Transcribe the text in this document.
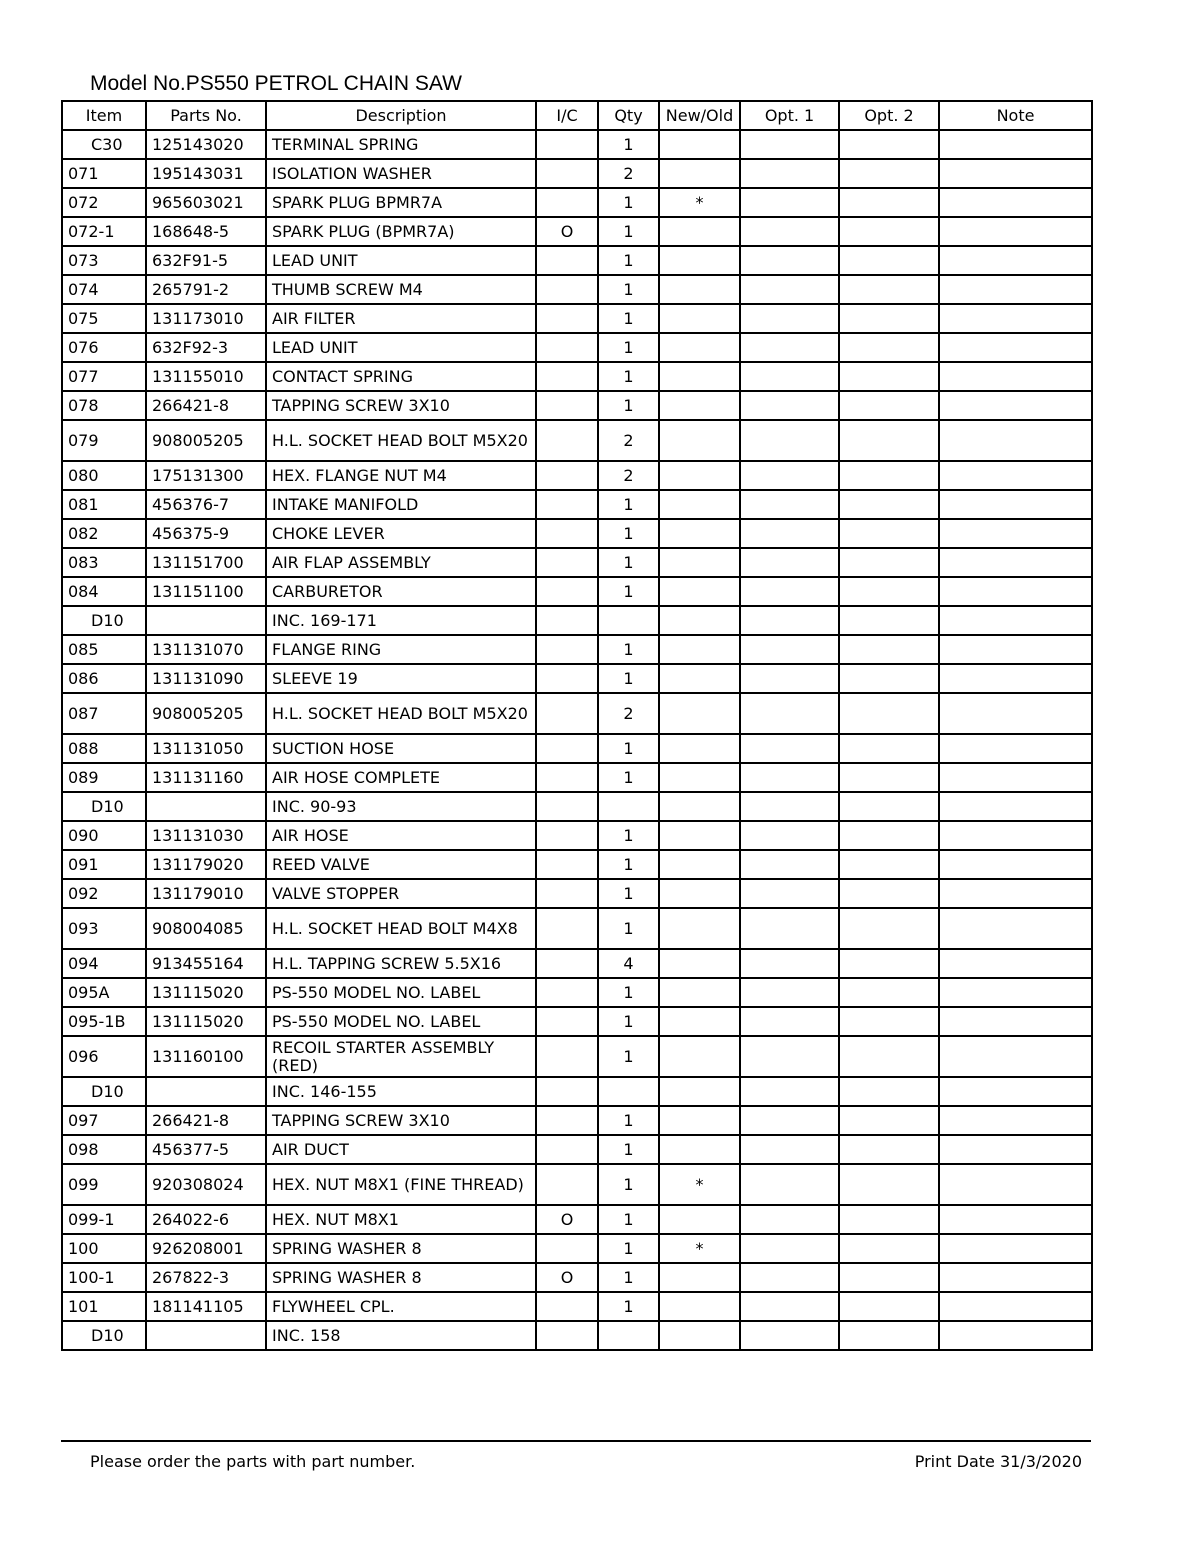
Model No.PS550 PETROL CHAIN SAW
Item	Parts No.	Description	I/C	Qty	New/Old	Opt. 1	Opt. 2	Note
C30	125143020	TERMINAL SPRING		1				
071	195143031	ISOLATION WASHER		2				
072	965603021	SPARK PLUG BPMR7A		1	*			
072-1	168648-5	SPARK PLUG (BPMR7A)	O	1				
073	632F91-5	LEAD UNIT		1				
074	265791-2	THUMB SCREW M4		1				
075	131173010	AIR FILTER		1				
076	632F92-3	LEAD UNIT		1				
077	131155010	CONTACT SPRING		1				
078	266421-8	TAPPING SCREW 3X10		1				
079	908005205	H.L. SOCKET HEAD BOLT M5X20		2				
080	175131300	HEX. FLANGE NUT M4		2				
081	456376-7	INTAKE MANIFOLD		1				
082	456375-9	CHOKE LEVER		1				
083	131151700	AIR FLAP ASSEMBLY		1				
084	131151100	CARBURETOR		1				
D10		INC. 169-171						
085	131131070	FLANGE RING		1				
086	131131090	SLEEVE 19		1				
087	908005205	H.L. SOCKET HEAD BOLT M5X20		2				
088	131131050	SUCTION HOSE		1				
089	131131160	AIR HOSE COMPLETE		1				
D10		INC. 90-93						
090	131131030	AIR HOSE		1				
091	131179020	REED VALVE		1				
092	131179010	VALVE STOPPER		1				
093	908004085	H.L. SOCKET HEAD BOLT M4X8		1				
094	913455164	H.L. TAPPING SCREW 5.5X16		4				
095A	131115020	PS-550 MODEL NO. LABEL		1				
095-1B	131115020	PS-550 MODEL NO. LABEL		1				
096	131160100	RECOIL STARTER ASSEMBLY (RED)		1				
D10		INC. 146-155						
097	266421-8	TAPPING SCREW 3X10		1				
098	456377-5	AIR DUCT		1				
099	920308024	HEX. NUT M8X1 (FINE THREAD)		1	*			
099-1	264022-6	HEX. NUT M8X1	O	1				
100	926208001	SPRING WASHER 8		1	*			
100-1	267822-3	SPRING WASHER 8	O	1				
101	181141105	FLYWHEEL CPL.		1				
D10		INC. 158						
Please order the parts with part number.	Print Date 31/3/2020
